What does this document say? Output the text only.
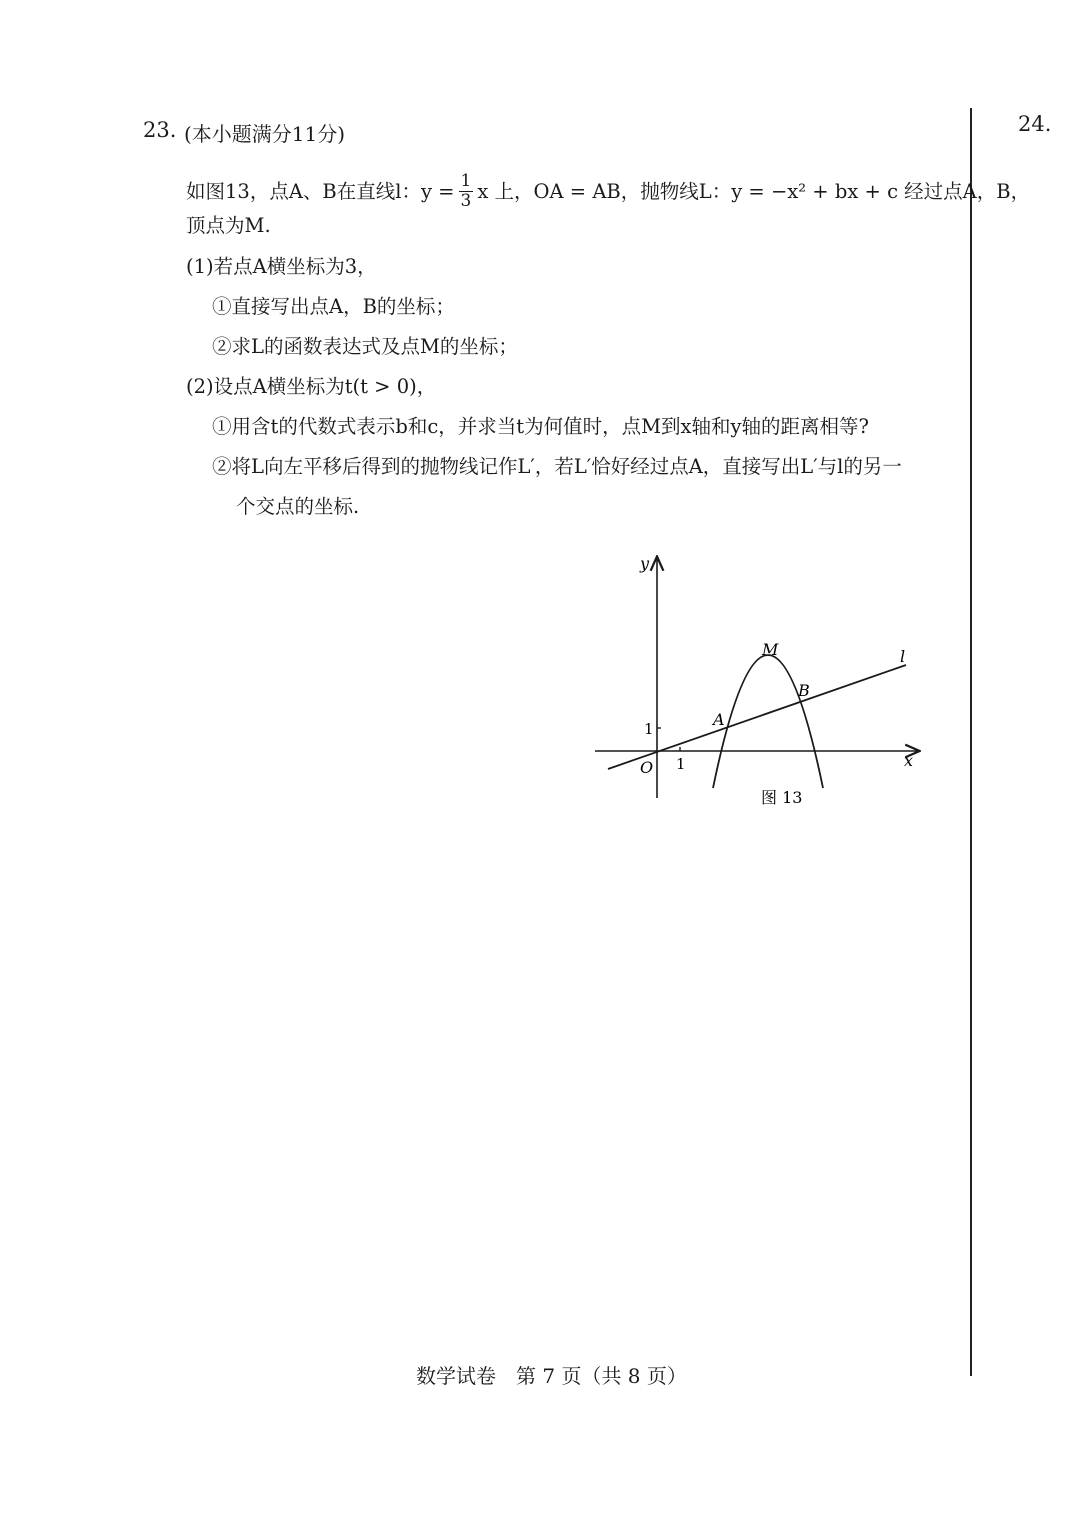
23. (本小题满分11分)	24.
如图13，点A、B在直线l：$y = \frac{1}{3}$ x 上，OA = AB，抛物线L：y = −x² + bx + c 经过点A，B，
顶点为M.
(1)若点A横坐标为3，
①直接写出点A，B的坐标；
②求L的函数表达式及点M的坐标；
(2)设点A横坐标为t(t > 0)，
①用含t的代数式表示b和c，并求当t为何值时，点M到x轴和y轴的距离相等?
②将L向左平移后得到的抛物线记作L′，若L′恰好经过点A，直接写出L′与l的另一
个交点的坐标.
y
x
O 1
1	A
B
M	l
图 13
数学试卷　第 7 页（共 8 页）
